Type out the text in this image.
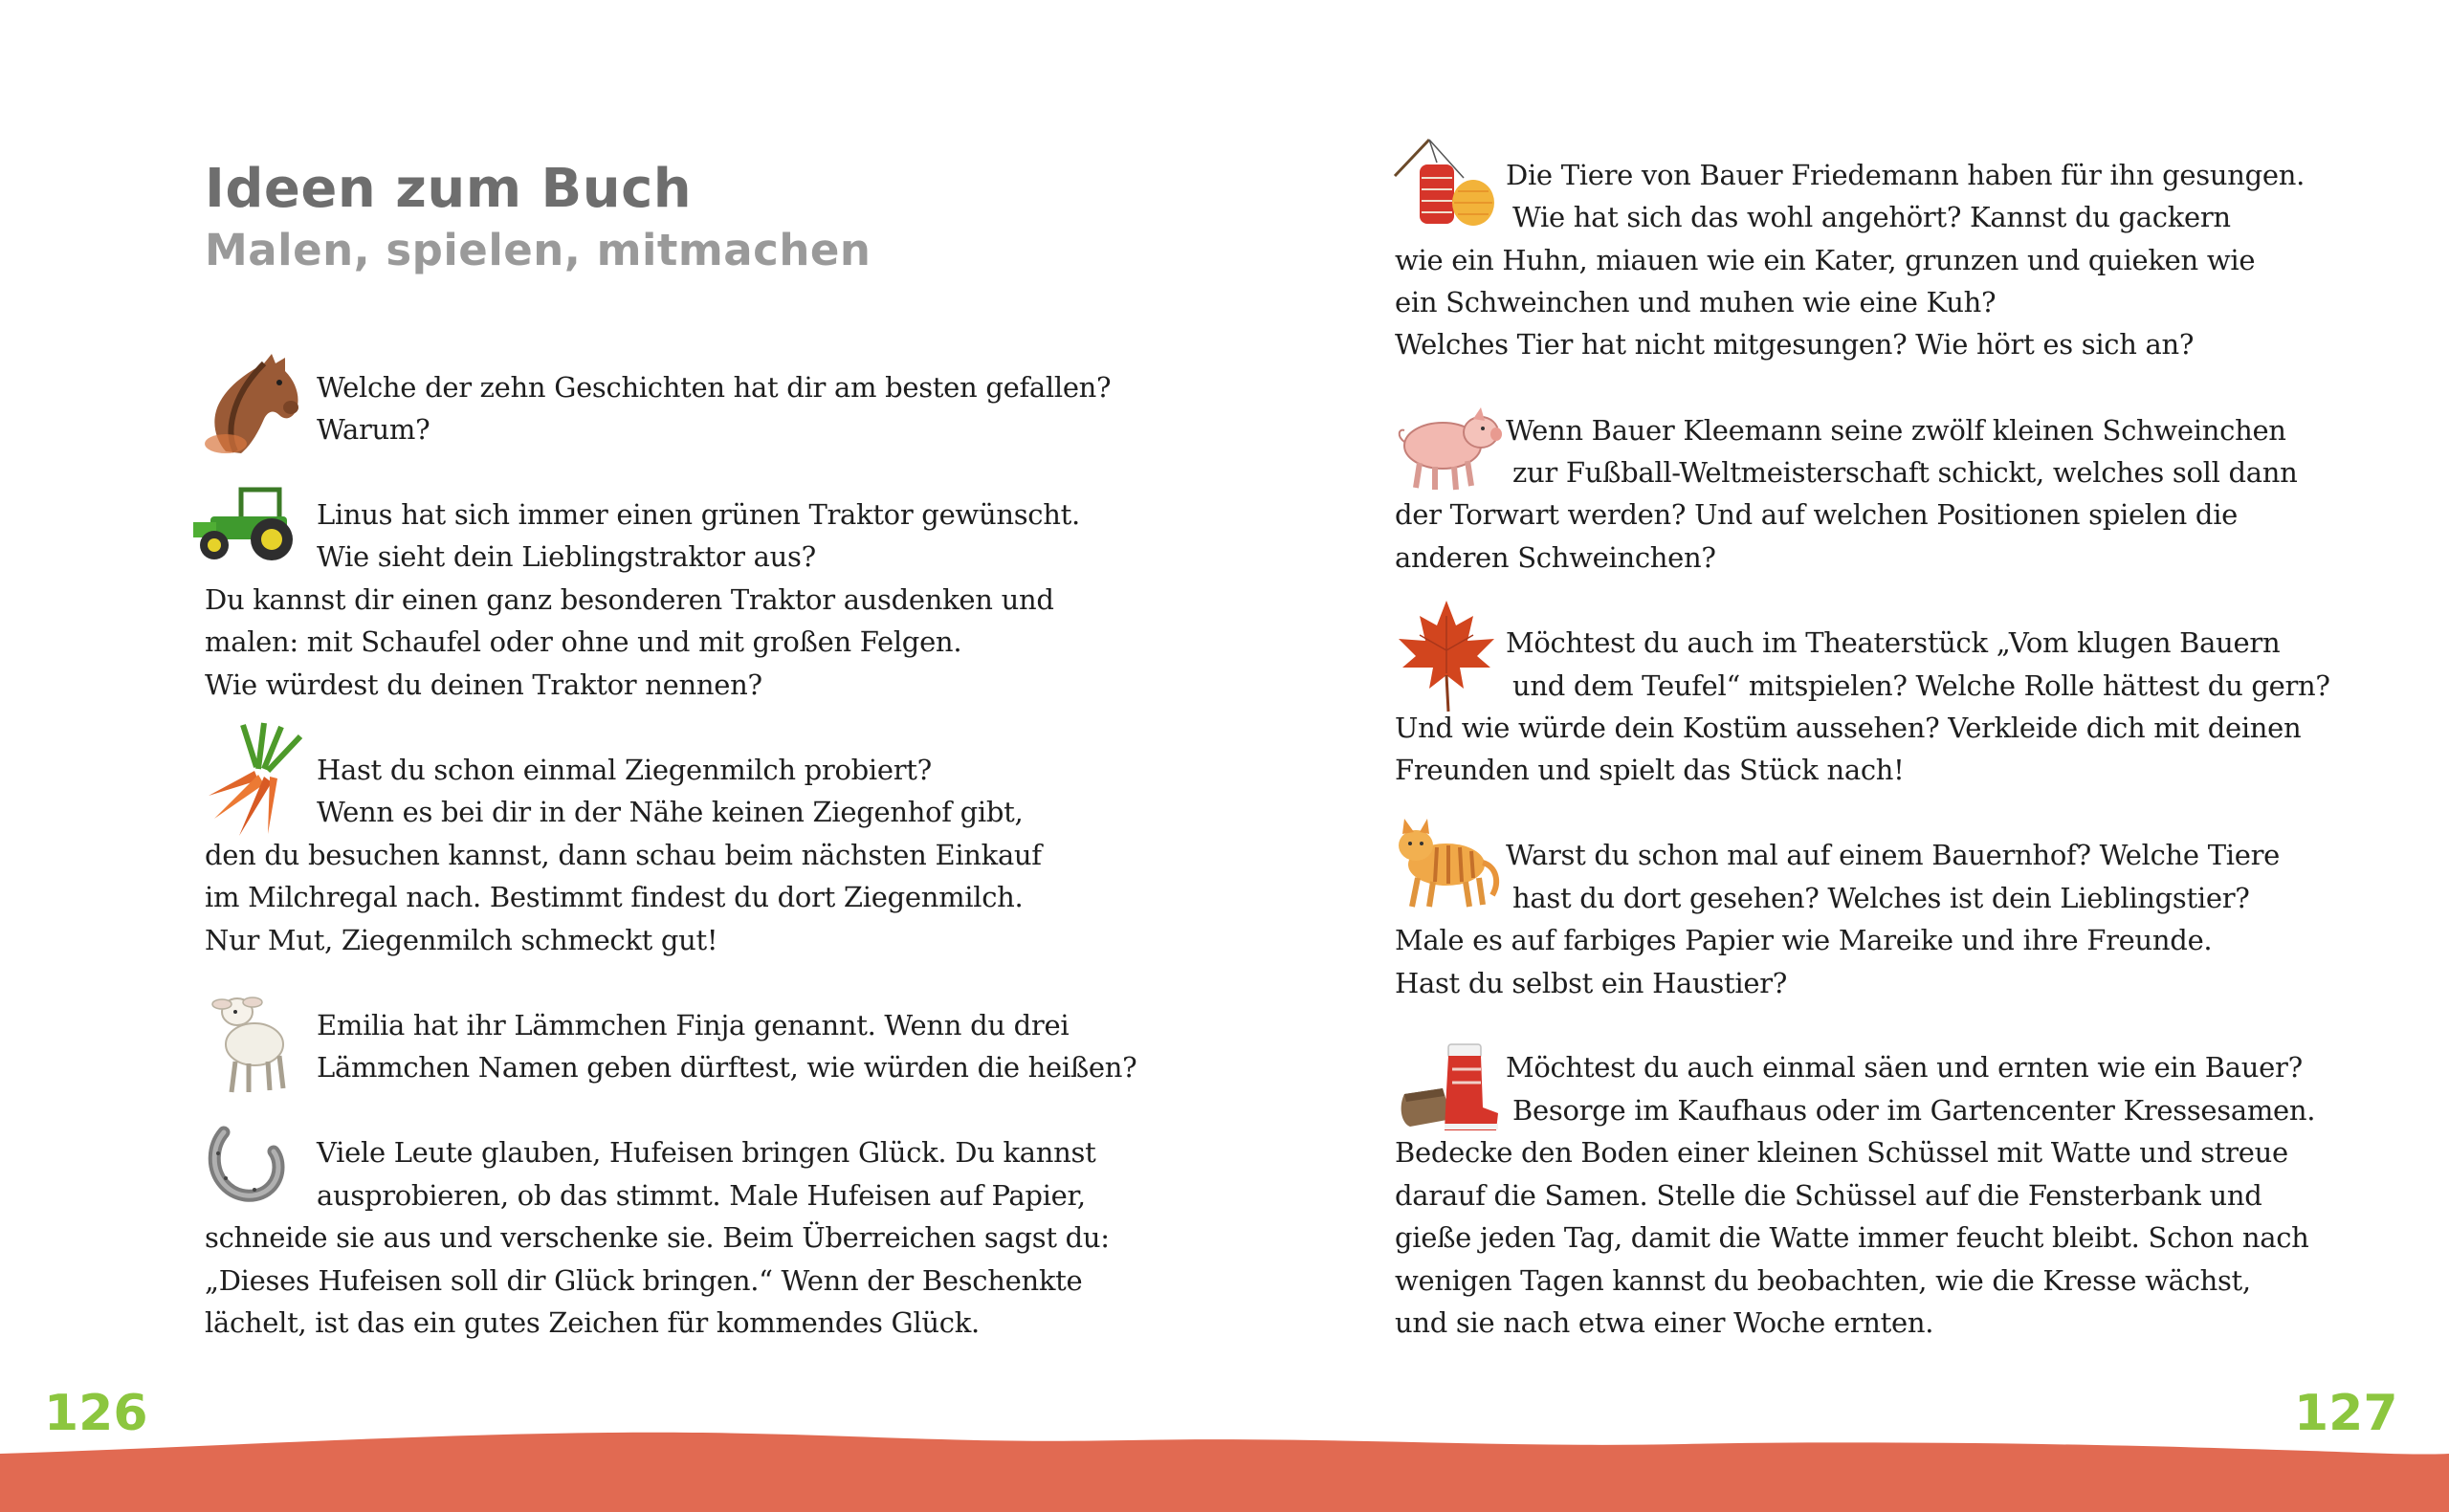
Ideen zum Buch
Malen, spielen, mitmachen
Welche der zehn Geschichten hat dir am besten gefallen?
Warum?
Linus hat sich immer einen grünen Traktor gewünscht.
Wie sieht dein Lieblingstraktor aus?
Du kannst dir einen ganz besonderen Traktor ausdenken und
malen: mit Schaufel oder ohne und mit großen Felgen.
Wie würdest du deinen Traktor nennen?
Hast du schon einmal Ziegenmilch probiert?
Wenn es bei dir in der Nähe keinen Ziegenhof gibt,
den du besuchen kannst, dann schau beim nächsten Einkauf
im Milchregal nach. Bestimmt findest du dort Ziegenmilch.
Nur Mut, Ziegenmilch schmeckt gut!
Emilia hat ihr Lämmchen Finja genannt. Wenn du drei
Lämmchen Namen geben dürftest, wie würden die heißen?
Viele Leute glauben, Hufeisen bringen Glück. Du kannst
ausprobieren, ob das stimmt. Male Hufeisen auf Papier,
schneide sie aus und verschenke sie. Beim Überreichen sagst du:
„Dieses Hufeisen soll dir Glück bringen.“ Wenn der Beschenkte
lächelt, ist das ein gutes Zeichen für kommendes Glück.

126

Die Tiere von Bauer Friedemann haben für ihn gesungen.
Wie hat sich das wohl angehört? Kannst du gackern
wie ein Huhn, miauen wie ein Kater, grunzen und quieken wie
ein Schweinchen und muhen wie eine Kuh?
Welches Tier hat nicht mitgesungen? Wie hört es sich an?
Wenn Bauer Kleemann seine zwölf kleinen Schweinchen
zur Fußball-Weltmeisterschaft schickt, welches soll dann
der Torwart werden? Und auf welchen Positionen spielen die
anderen Schweinchen?
Möchtest du auch im Theaterstück „Vom klugen Bauern
und dem Teufel“ mitspielen? Welche Rolle hättest du gern?
Und wie würde dein Kostüm aussehen? Verkleide dich mit deinen
Freunden und spielt das Stück nach!
Warst du schon mal auf einem Bauernhof? Welche Tiere
hast du dort gesehen? Welches ist dein Lieblingstier?
Male es auf farbiges Papier wie Mareike und ihre Freunde.
Hast du selbst ein Haustier?
Möchtest du auch einmal säen und ernten wie ein Bauer?
Besorge im Kaufhaus oder im Gartencenter Kressesamen.
Bedecke den Boden einer kleinen Schüssel mit Watte und streue
darauf die Samen. Stelle die Schüssel auf die Fensterbank und
gieße jeden Tag, damit die Watte immer feucht bleibt. Schon nach
wenigen Tagen kannst du beobachten, wie die Kresse wächst,
und sie nach etwa einer Woche ernten.

127
